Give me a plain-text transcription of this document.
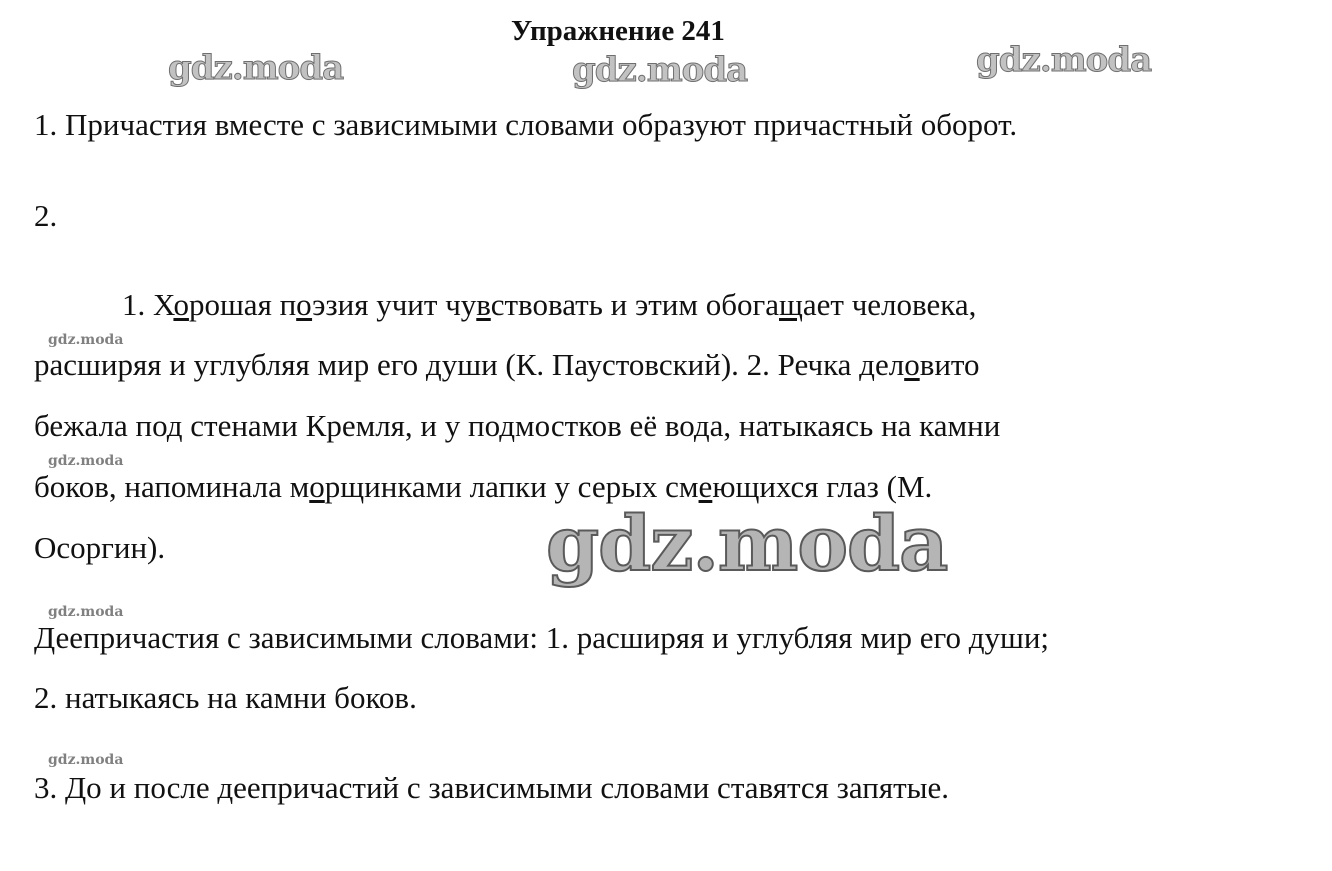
Упражнение 241
gdz.moda	gdz.moda	gdz.moda
1. Причастия вместе с зависимыми словами образуют причастный оборот.
2.
1. Хорошая поэзия учит чувствовать и этим обогащает человека,
gdz.moda
расширяя и углубляя мир его души (К. Паустовский). 2. Речка деловито
бежала под стенами Кремля, и у подмостков её вода, натыкаясь на камни
gdz.moda
боков, напоминала морщинками лапки у серых смеющихся глаз (М.
Осоргин).	gdz.moda
gdz.moda
Деепричастия с зависимыми словами: 1. расширяя и углубляя мир его души;
2. натыкаясь на камни боков.
gdz.moda
3. До и после деепричастий с зависимыми словами ставятся запятые.
